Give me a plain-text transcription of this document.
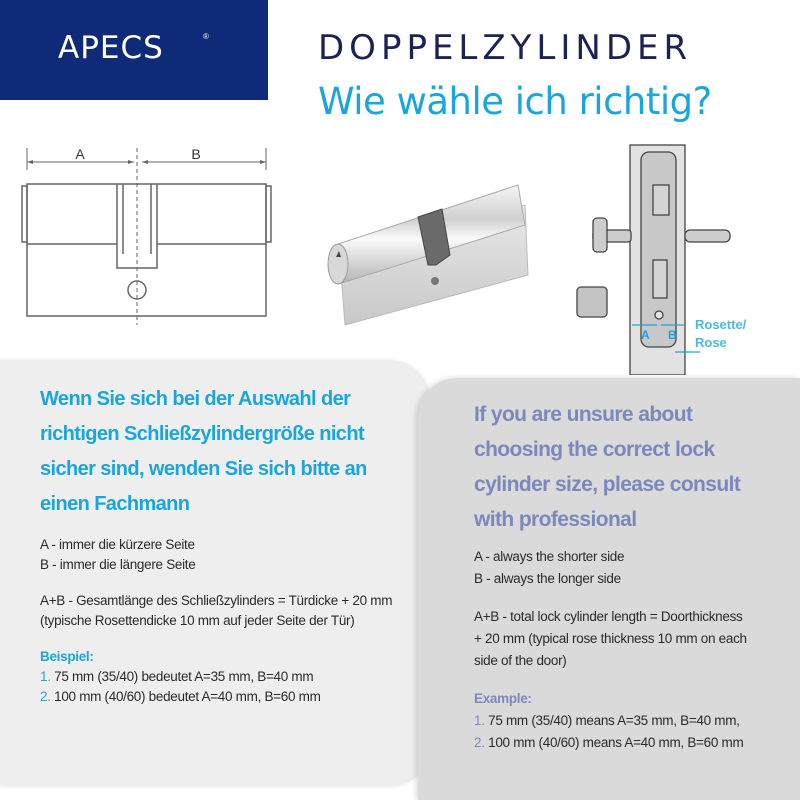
APECS	®	DOPPELZYLINDER
Wie wähle ich richtig?
A	B
A B
Rosette/
Rose
Wenn Sie sich bei der Auswahl der richtigen Schließzylindergröße nicht sicher sind, wenden Sie sich bitte an einen Fachmann
A - immer die kürzere Seite
B - immer die längere Seite
A+B - Gesamtlänge des Schließzylinders = Türdicke + 20 mm
(typische Rosettendicke 10 mm auf jeder Seite der Tür)
Beispiel:
1. 75 mm (35/40) bedeutet A=35 mm, B=40 mm
2. 100 mm (40/60) bedeutet A=40 mm, B=60 mm
If you are unsure about choosing the correct lock cylinder size, please consult with professional
A - always the shorter side
B - always the longer side
A+B - total lock cylinder length = Doorthickness
+ 20 mm (typical rose thickness 10 mm on each
side of the door)
Example:
1. 75 mm (35/40) means A=35 mm, B=40 mm,
2. 100 mm (40/60) means A=40 mm, B=60 mm
